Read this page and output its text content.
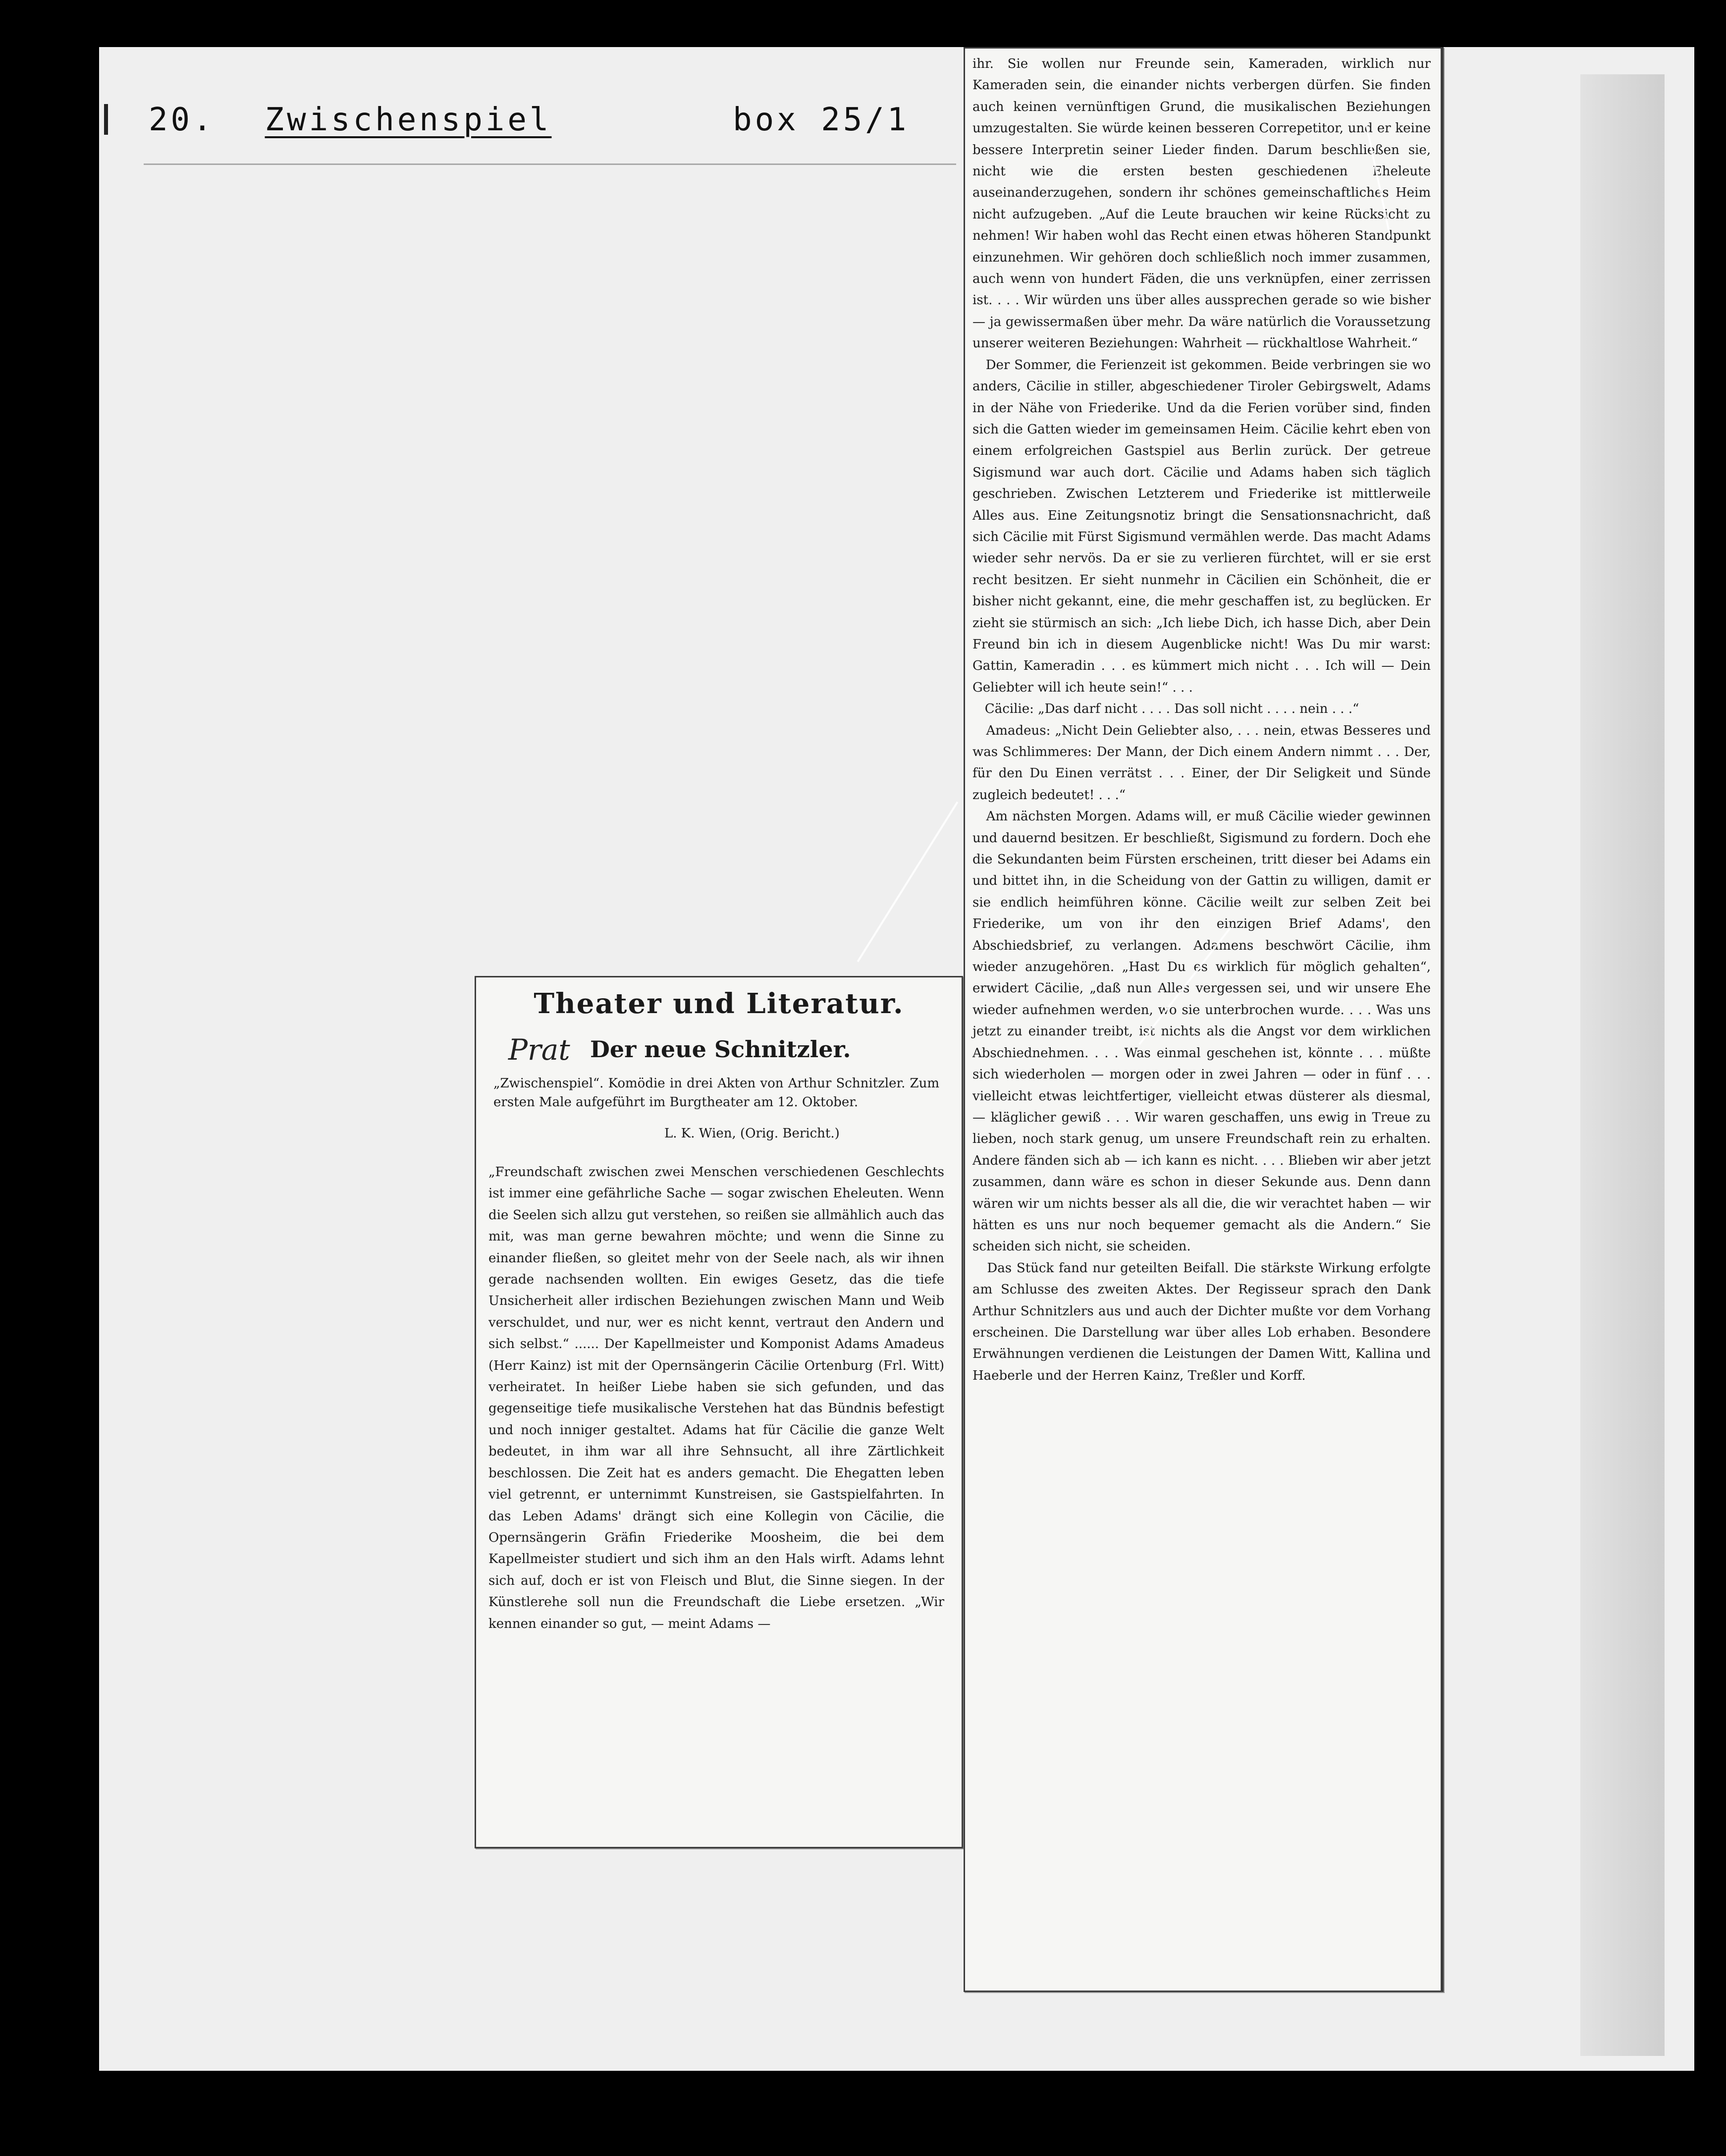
20. Zwischenspiel	box 25/1
Theater und Literatur.
Prat Der neue Schnitzler.
„Zwischenspiel“. Komödie in drei Akten von Arthur Schnitzler. Zum ersten Male aufgeführt im Burgtheater am 12. Oktober.
L. K. Wien, (Orig. Bericht.)
„Freundschaft zwischen zwei Menschen verschiedenen Geschlechts ist immer eine gefährliche Sache — sogar zwischen Eheleuten. Wenn die Seelen sich allzu gut verstehen, so reißen sie allmählich auch das mit, was man gerne bewahren möchte; und wenn die Sinne zu einander fließen, so gleitet mehr von der Seele nach, als wir ihnen gerade nachsenden wollten. Ein ewiges Gesetz, das die tiefe Unsicherheit aller irdischen Beziehungen zwischen Mann und Weib verschuldet, und nur, wer es nicht kennt, vertraut den Andern und sich selbst.“ ...... Der Kapellmeister und Komponist Adams Amadeus (Herr Kainz) ist mit der Opernsängerin Cäcilie Ortenburg (Frl. Witt) verheiratet. In heißer Liebe haben sie sich gefunden, und das gegenseitige tiefe musikalische Verstehen hat das Bündnis befestigt und noch inniger gestaltet. Adams hat für Cäcilie die ganze Welt bedeutet, in ihm war all ihre Sehnsucht, all ihre Zärtlichkeit beschlossen. Die Zeit hat es anders gemacht. Die Ehegatten leben viel getrennt, er unternimmt Kunstreisen, sie Gastspielfahrten. In das Leben Adams' drängt sich eine Kollegin von Cäcilie, die Opernsängerin Gräfin Friederike Moosheim, die bei dem Kapellmeister studiert und sich ihm an den Hals wirft. Adams lehnt sich auf, doch er ist von Fleisch und Blut, die Sinne siegen. In der Künstlerehe soll nun die Freundschaft die Liebe ersetzen. „Wir kennen einander so gut, — meint Adams —
ihr. Sie wollen nur Freunde sein, Kameraden, wirklich nur Kameraden sein, die einander nichts verbergen dürfen. Sie finden auch keinen vernünftigen Grund, die musikalischen Beziehungen umzugestalten. Sie würde keinen besseren Correpetitor, und er keine bessere Interpretin seiner Lieder finden. Darum beschließen sie, nicht wie die ersten besten geschiedenen Eheleute auseinanderzugehen, sondern ihr schönes gemeinschaftliches Heim nicht aufzugeben. „Auf die Leute brauchen wir keine Rücksicht zu nehmen! Wir haben wohl das Recht einen etwas höheren Standpunkt einzunehmen. Wir gehören doch schließlich noch immer zusammen, auch wenn von hundert Fäden, die uns verknüpfen, einer zerrissen ist. . . . Wir würden uns über alles aussprechen gerade so wie bisher — ja gewissermaßen über mehr. Da wäre natürlich die Voraussetzung unserer weiteren Beziehungen: Wahrheit — rückhaltlose Wahrheit.“
Der Sommer, die Ferienzeit ist gekommen. Beide verbringen sie wo anders, Cäcilie in stiller, abgeschiedener Tiroler Gebirgswelt, Adams in der Nähe von Friederike. Und da die Ferien vorüber sind, finden sich die Gatten wieder im gemeinsamen Heim. Cäcilie kehrt eben von einem erfolgreichen Gastspiel aus Berlin zurück. Der getreue Sigismund war auch dort. Cäcilie und Adams haben sich täglich geschrieben. Zwischen Letzterem und Friederike ist mittlerweile Alles aus. Eine Zeitungsnotiz bringt die Sensationsnachricht, daß sich Cäcilie mit Fürst Sigismund vermählen werde. Das macht Adams wieder sehr nervös. Da er sie zu verlieren fürchtet, will er sie erst recht besitzen. Er sieht nunmehr in Cäcilien ein Schönheit, die er bisher nicht gekannt, eine, die mehr geschaffen ist, zu beglücken. Er zieht sie stürmisch an sich: „Ich liebe Dich, ich hasse Dich, aber Dein Freund bin ich in diesem Augenblicke nicht! Was Du mir warst: Gattin, Kameradin . . . es kümmert mich nicht . . . Ich will — Dein Geliebter will ich heute sein!“ . . .
Cäcilie: „Das darf nicht . . . . Das soll nicht . . . . nein . . .“
Amadeus: „Nicht Dein Geliebter also, . . . nein, etwas Besseres und was Schlimmeres: Der Mann, der Dich einem Andern nimmt . . . Der, für den Du Einen verrätst . . . Einer, der Dir Seligkeit und Sünde zugleich bedeutet! . . .“
Am nächsten Morgen. Adams will, er muß Cäcilie wieder gewinnen und dauernd besitzen. Er beschließt, Sigismund zu fordern. Doch ehe die Sekundanten beim Fürsten erscheinen, tritt dieser bei Adams ein und bittet ihn, in die Scheidung von der Gattin zu willigen, damit er sie endlich heimführen könne. Cäcilie weilt zur selben Zeit bei Friederike, um von ihr den einzigen Brief Adams', den Abschiedsbrief, zu verlangen. Adamens beschwört Cäcilie, ihm wieder anzugehören. „Hast Du  wirklich für möglich gehalten“, erwidert Cäcilie, „daß nun Alles vergessen sei, und wir unsere Ehe wieder aufnehmen werden, wo sie unterbrochen wurde. . . . Was uns jetzt zu einander treibt, ist nichts als die Angst vor dem wirklichen Abschiednehmen. . . . Was einmal geschehen ist, könnte . . . müßte sich wiederholen — morgen oder in zwei Jahren — oder in fünf . . . vielleicht etwas leichtfertiger, vielleicht etwas düsterer als diesmal, — kläglicher gewiß . . . Wir waren geschaffen, uns ewig in Treue zu lieben, noch stark genug, um unsere Freundschaft rein zu erhalten. Andere fänden sich ab — ich kann es nicht. . . . Blieben wir aber jetzt zusammen, dann wäre es schon in dieser Sekunde aus. Denn dann wären wir um nichts besser als all die, die wir verachtet haben — wir hätten es uns nur noch bequemer gemacht als die Andern.“ Sie scheiden sich nicht, sie scheiden.
Das Stück fand nur geteilten Beifall. Die stärkste Wirkung erfolgte am Schlusse des zweiten Aktes. Der Regisseur sprach den Dank Arthur Schnitzlers aus und auch der Dichter mußte vor dem Vorhang erscheinen. Die Darstellung war über alles Lob erhaben. Besondere Erwähnungen verdienen die Leistungen der Damen Witt, Kallina und Haeberle und der Herren Kainz, Treßler und Korff.
